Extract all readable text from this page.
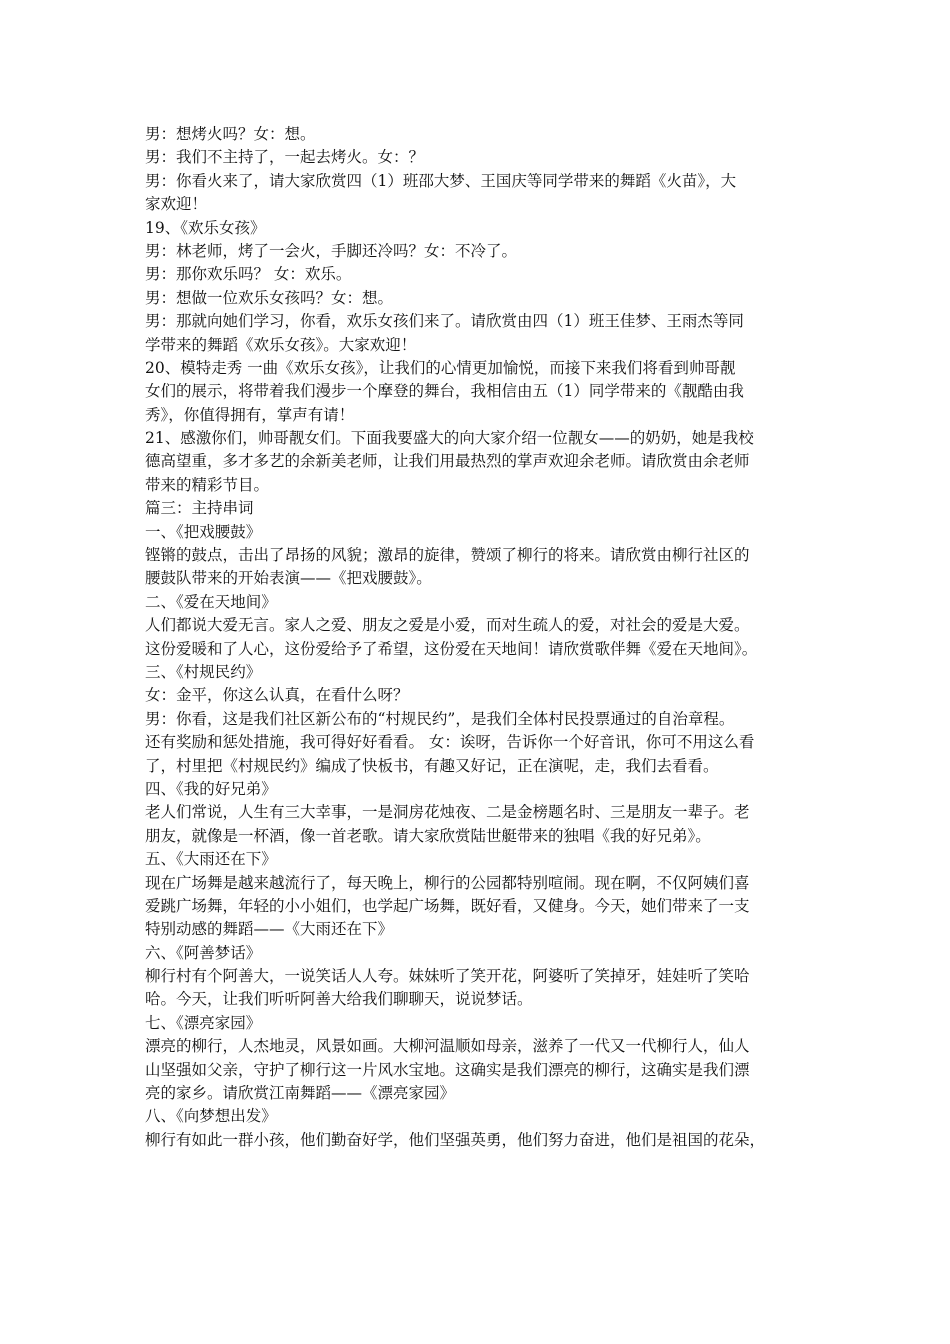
男：想烤火吗？女：想。
男：我们不主持了，一起去烤火。女：？
男：你看火来了，请大家欣赏四（1）班邵大梦、王国庆等同学带来的舞蹈《火苗》，大
家欢迎！
19、《欢乐女孩》
男：林老师，烤了一会火，手脚还冷吗？女：不冷了。
男：那你欢乐吗？ 女：欢乐。
男：想做一位欢乐女孩吗？女：想。
男：那就向她们学习，你看，欢乐女孩们来了。请欣赏由四（1）班王佳梦、王雨杰等同
学带来的舞蹈《欢乐女孩》。大家欢迎！
20、模特走秀 一曲《欢乐女孩》，让我们的心情更加愉悦，而接下来我们将看到帅哥靓
女们的展示，将带着我们漫步一个摩登的舞台，我相信由五（1）同学带来的《靓酷由我
秀》，你值得拥有，掌声有请！
21、感激你们，帅哥靓女们。下面我要盛大的向大家介绍一位靓女——的奶奶，她是我校
德高望重，多才多艺的余新美老师，让我们用最热烈的掌声欢迎余老师。请欣赏由余老师
带来的精彩节目。
篇三：主持串词
一、《把戏腰鼓》
铿锵的鼓点，击出了昂扬的风貌；激昂的旋律，赞颂了柳行的将来。请欣赏由柳行社区的
腰鼓队带来的开始表演——《把戏腰鼓》。
二、《爱在天地间》
人们都说大爱无言。家人之爱、朋友之爱是小爱，而对生疏人的爱，对社会的爱是大爱。
这份爱暖和了人心，这份爱给予了希望，这份爱在天地间！请欣赏歌伴舞《爱在天地间》。
三、《村规民约》
女：金平，你这么认真，在看什么呀？
男：你看，这是我们社区新公布的“村规民约”，是我们全体村民投票通过的自治章程。
还有奖励和惩处措施，我可得好好看看。 女：诶呀，告诉你一个好音讯，你可不用这么看
了，村里把《村规民约》编成了快板书，有趣又好记，正在演呢，走，我们去看看。
四、《我的好兄弟》
老人们常说，人生有三大幸事，一是洞房花烛夜、二是金榜题名时、三是朋友一辈子。老
朋友，就像是一杯酒，像一首老歌。请大家欣赏陆世艇带来的独唱《我的好兄弟》。
五、《大雨还在下》
现在广场舞是越来越流行了，每天晚上，柳行的公园都特别喧闹。现在啊，不仅阿姨们喜
爱跳广场舞，年轻的小小姐们，也学起广场舞，既好看，又健身。今天，她们带来了一支
特别动感的舞蹈——《大雨还在下》
六、《阿善梦话》
柳行村有个阿善大，一说笑话人人夸。妹妹听了笑开花，阿婆听了笑掉牙，娃娃听了笑哈
哈。今天，让我们听听阿善大给我们聊聊天，说说梦话。
七、《漂亮家园》
漂亮的柳行，人杰地灵，风景如画。大柳河温顺如母亲，滋养了一代又一代柳行人，仙人
山坚强如父亲，守护了柳行这一片风水宝地。这确实是我们漂亮的柳行，这确实是我们漂
亮的家乡。请欣赏江南舞蹈——《漂亮家园》
八、《向梦想出发》
柳行有如此一群小孩，他们勤奋好学，他们坚强英勇，他们努力奋进，他们是祖国的花朵，
